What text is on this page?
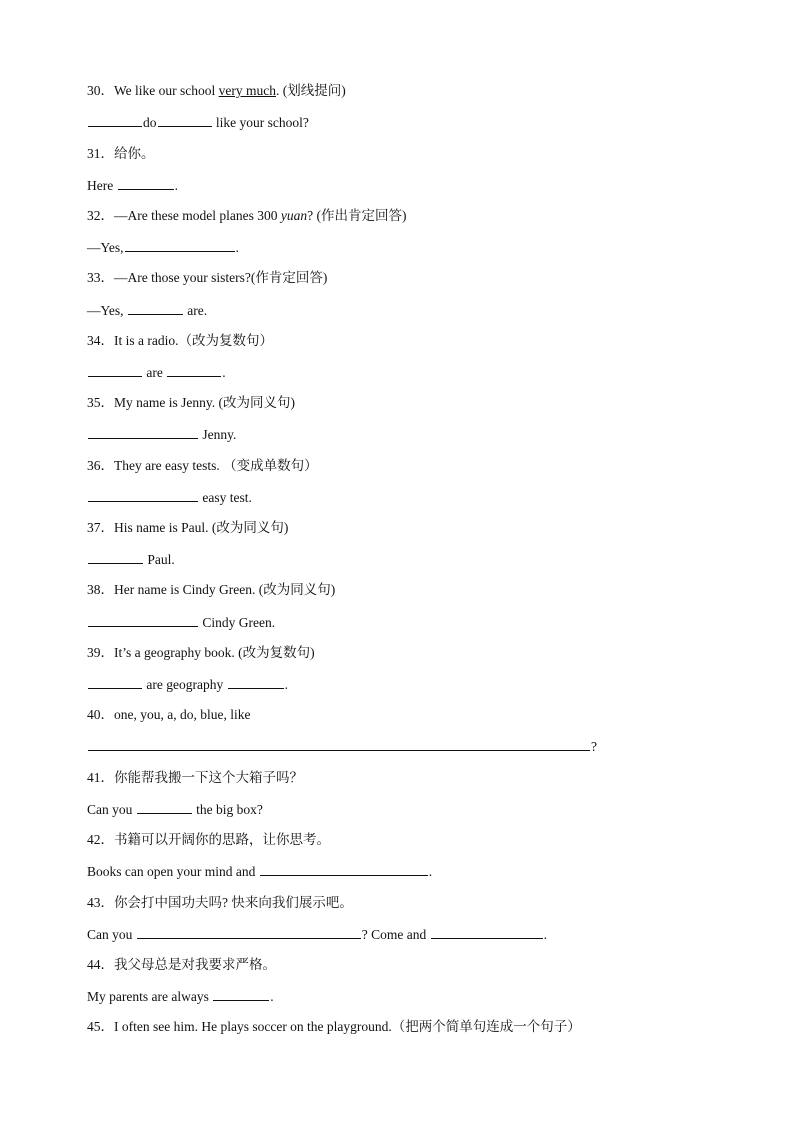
30．We like our school very much. (划线提问)
do	like your school?
31．给你。
Here	.
32．—Are these model planes 300 yuan? (作出肯定回答)
—Yes,	.
33．—Are those your sisters?(作肯定回答)
—Yes,	are.
34．It is a radio.（改为复数句）
are	.
35．My name is Jenny. (改为同义句)
Jenny.
36．They are easy tests. （变成单数句）
easy test.
37．His name is Paul. (改为同义句)
Paul.
38．Her name is Cindy Green. (改为同义句)
Cindy Green.
39．It’s a geography book. (改为复数句)
are geography	.
40．one, you, a, do, blue, like
?
41．你能帮我搬一下这个大箱子吗？
Can you	the big box?
42．书籍可以开阔你的思路，让你思考。
Books can open your mind and	.
43．你会打中国功夫吗? 快来向我们展示吧。
Can you	? Come and	.
44．我父母总是对我要求严格。
My parents are always	.
45．I often see him. He plays soccer on the playground.（把两个简单句连成一个句子）
